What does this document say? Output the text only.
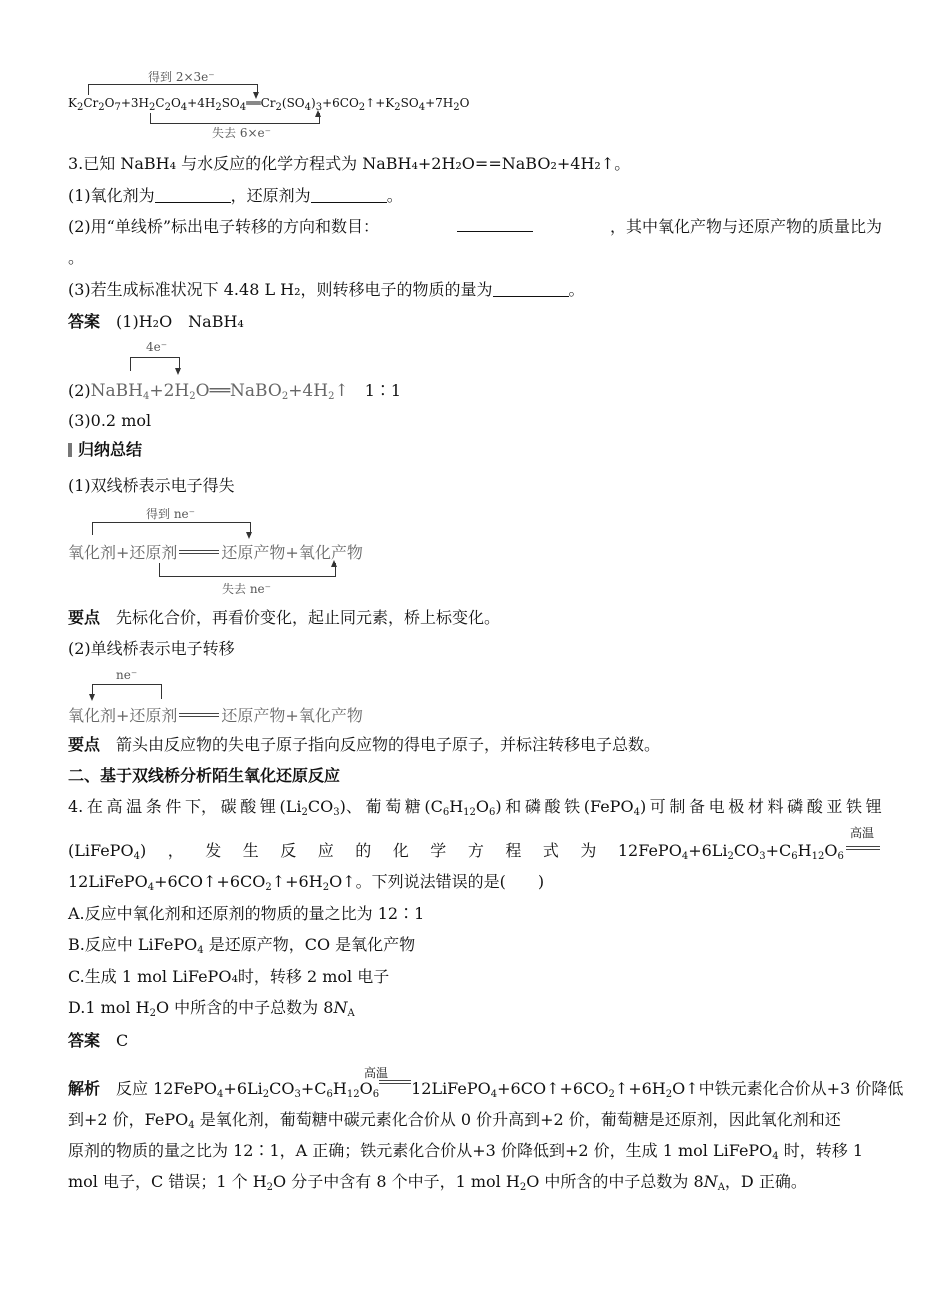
得到 2×3e⁻
$K_2Cr_2O_7+3H_2C_2O_4+4H_2SO_4══Cr_2(SO_4)_3+6CO_2↑+K_2SO_4+7H_2O$
失去 6×e⁻
3.已知 NaBH₄ 与水反应的化学方程式为 NaBH₄+2H₂O==NaBO₂+4H₂↑。
(1)氧化剂为	，还原剂为	。
(2)用“单线桥”标出电子转移的方向和数目：	，其中氧化产物与还原产物的质量比为
。
(3)若生成标准状况下 4.48 L H₂，则转移电子的物质的量为	。
答案　 (1)H₂O　NaBH₄
4e⁻
$(2)NaBH_4+2H_2O══NaBO_2+4H_2↑$　 1∶1
(3)0.2 mol
归纳总结
(1)双线桥表示电子得失
得到 ne⁻
氧化剂+还原剂	还原产物+氧化产物
失去 ne⁻
要点　 先标化合价，再看价变化，起止同元素，桥上标变化。
(2)单线桥表示电子转移
ne⁻
氧化剂+还原剂	还原产物+氧化产物
要点　 箭头由反应物的失电子原子指向反应物的得电子原子，并标注转移电子总数。
二、基于双线桥分析陌生氧化还原反应
4. 在 高 温 条 件 下， 碳 酸 锂 $(Li_2CO_3)$、 葡 萄 糖 $(C_6H_{12}O_6)$ 和 磷 酸 铁 (FePO$_4$) 可 制 备 电 极 材 料 磷 酸 亚 铁 锂
高温
(LiFePO$_4$) ， 发 生 反 应 的 化 学 方 程 式 为 $12FePO_4+6Li_2CO_3+C_6H_{12}O_6$
$12LiFePO_4+6CO↑+6CO_2↑+6H_2O↑$。下列说法错误的是(　　)
A.反应中氧化剂和还原剂的物质的量之比为 12∶1
B.反应中 LiFePO$_4$ 是还原产物，CO 是氧化产物
C.生成 1 mol LiFePO₄时，转移 2 mol 电子
D.1 mol $H_2O$ 中所含的中子总数为 $8N_A$
答案　 C
高温
解析　反应 $12FePO_4+6Li_2CO_3+C_6H_{12}O_6$ $12LiFePO_4+6CO↑+6CO_2↑+6H_2O↑$中铁元素化合价从+3 价降低
到+2 价，FePO$_4$ 是氧化剂，葡萄糖中碳元素化合价从 0 价升高到+2 价，葡萄糖是还原剂，因此氧化剂和还
原剂的物质的量之比为 12∶1，A 正确；铁元素化合价从+3 价降低到+2 价，生成 1 mol LiFePO$_4$ 时，转移 1
mol 电子，C 错误；1 个 $H_2O$ 分子中含有 8 个中子，1 mol $H_2O$ 中所含的中子总数为 $8N_A$，D 正确。
